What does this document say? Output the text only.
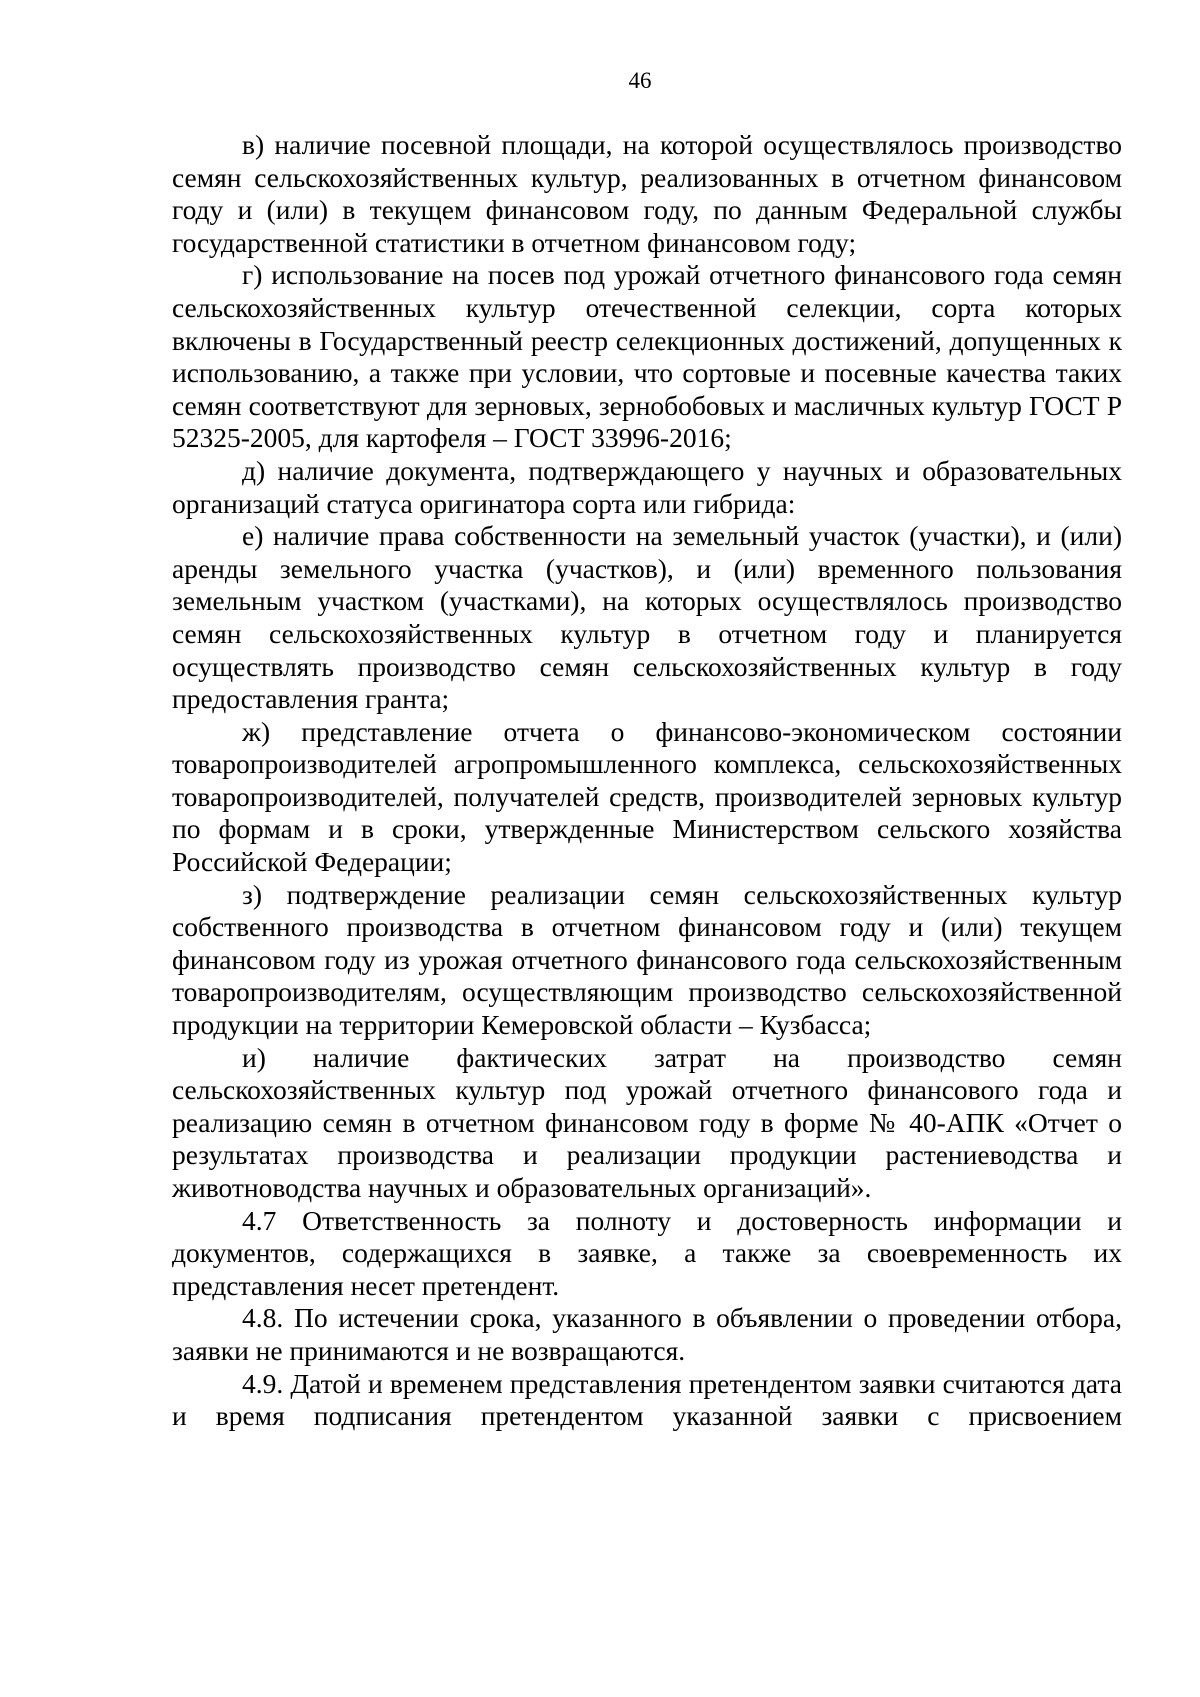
46

в) наличие посевной площади, на которой осуществлялось производство семян сельскохозяйственных культур, реализованных в отчетном финансовом году и (или) в текущем финансовом году, по данным Федеральной службы государственной статистики в отчетном финансовом году;

г) использование на посев под урожай отчетного финансового года семян сельскохозяйственных культур отечественной селекции, сорта которых включены в Государственный реестр селекционных достижений, допущенных к использованию, а также при условии, что сортовые и посевные качества таких семян соответствуют для зерновых, зернобобовых и масличных культур ГОСТ Р 52325-2005, для картофеля – ГОСТ 33996-2016;

д) наличие документа, подтверждающего у научных и образовательных организаций статуса оригинатора сорта или гибрида:

е) наличие права собственности на земельный участок (участки), и (или) аренды земельного участка (участков), и (или) временного пользования земельным участком (участками), на которых осуществлялось производство семян сельскохозяйственных культур в отчетном году и планируется осуществлять производство семян сельскохозяйственных культур в году предоставления гранта;

ж) представление отчета о финансово-экономическом состоянии товаропроизводителей агропромышленного комплекса, сельскохозяйственных товаропроизводителей, получателей средств, производителей зерновых культур по формам и в сроки, утвержденные Министерством сельского хозяйства Российской Федерации;

з) подтверждение реализации семян сельскохозяйственных культур собственного производства в отчетном финансовом году и (или) текущем финансовом году из урожая отчетного финансового года сельскохозяйственным товаропроизводителям, осуществляющим производство сельскохозяйственной продукции на территории Кемеровской области – Кузбасса;

и) наличие фактических затрат на производство семян сельскохозяйственных культур под урожай отчетного финансового года и реализацию семян в отчетном финансовом году в форме № 40-АПК «Отчет о результатах производства и реализации продукции растениеводства и животноводства научных и образовательных организаций».

4.7 Ответственность за полноту и достоверность информации и документов, содержащихся в заявке, а также за своевременность их представления несет претендент.

4.8. По истечении срока, указанного в объявлении о проведении отбора, заявки не принимаются и не возвращаются.

4.9. Датой и временем представления претендентом заявки считаются дата и время подписания претендентом указанной заявки с присвоением
